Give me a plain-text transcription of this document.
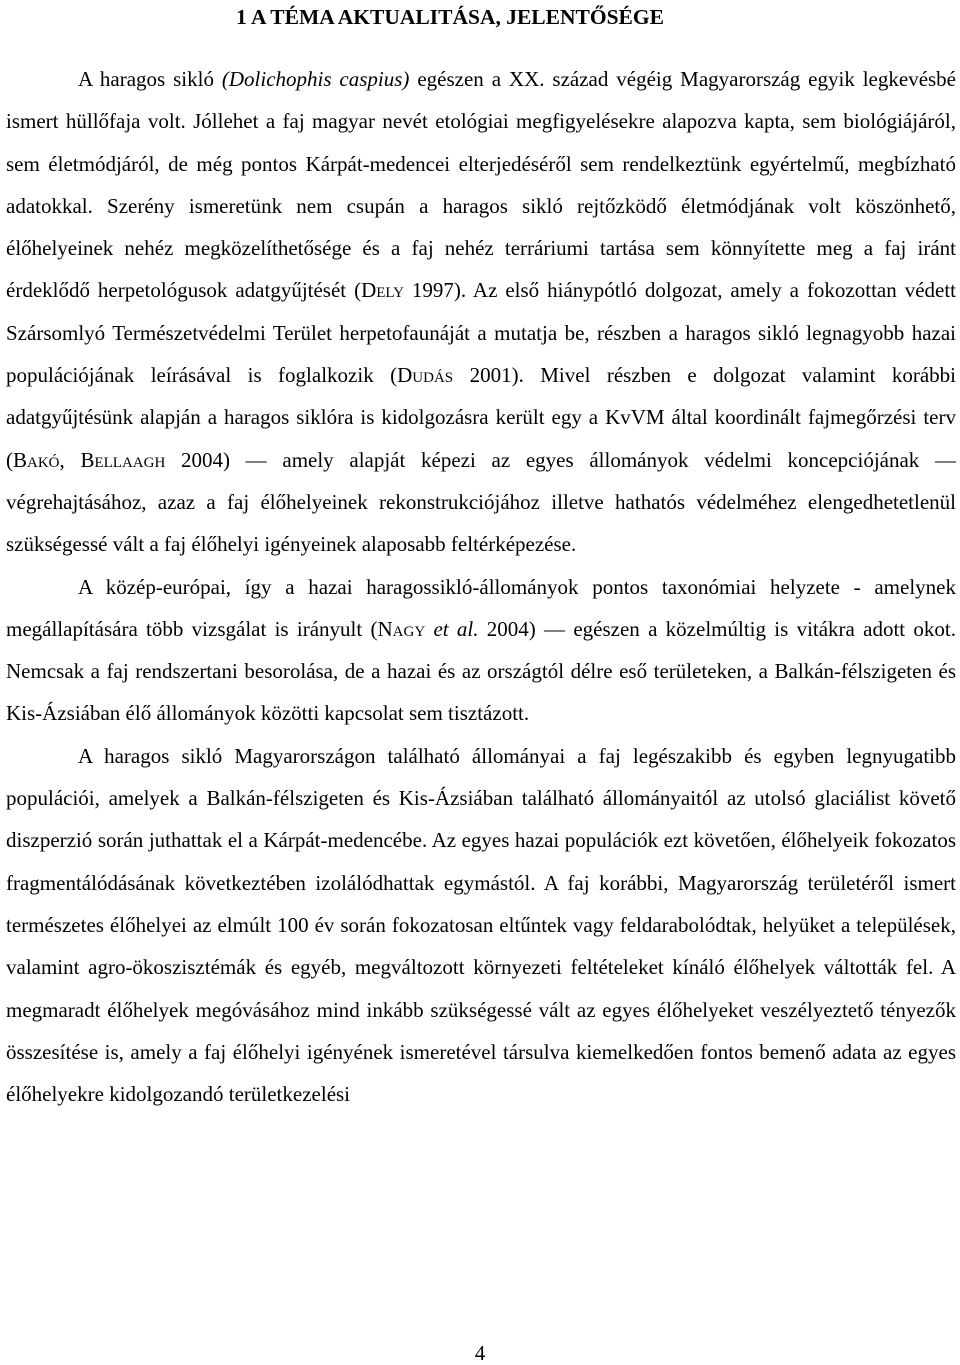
1 A TÉMA AKTUALITÁSA, JELENTŐSÉGE

A haragos sikló (Dolichophis caspius) egészen a XX. század végéig Magyarország egyik legkevésbé ismert hüllőfaja volt. Jóllehet a faj magyar nevét etológiai megfigyelésekre alapozva kapta, sem biológiájáról, sem életmódjáról, de még pontos Kárpát-medencei elterjedéséről sem rendelkeztünk egyértelmű, megbízható adatokkal. Szerény ismeretünk nem csupán a haragos sikló rejtőzködő életmódjának volt köszönhető, élőhelyeinek nehéz megközelíthetősége és a faj nehéz terráriumi tartása sem könnyítette meg a faj iránt érdeklődő herpetológusok adatgyűjtését (Dely 1997). Az első hiánypótló dolgozat, amely a fokozottan védett Szársomlyó Természetvédelmi Terület herpetofaunáját a mutatja be, részben a haragos sikló legnagyobb hazai populációjának leírásával is foglalkozik (Dudás 2001). Mivel részben e dolgozat valamint korábbi adatgyűjtésünk alapján a haragos siklóra is kidolgozásra került egy a KvVM által koordinált fajmegőrzési terv (Bakó, Bellaagh 2004) — amely alapját képezi az egyes állományok védelmi koncepciójának — végrehajtásához, azaz a faj élőhelyeinek rekonstrukciójához illetve hathatós védelméhez elengedhetetlenül szükségessé vált a faj élőhelyi igényeinek alaposabb feltérképezése.

A közép-európai, így a hazai haragossikló-állományok pontos taxonómiai helyzete - amelynek megállapítására több vizsgálat is irányult (Nagy et al. 2004) — egészen a közelmúltig is vitákra adott okot. Nemcsak a faj rendszertani besorolása, de a hazai és az országtól délre eső területeken, a Balkán-félszigeten és Kis-Ázsiában élő állományok közötti kapcsolat sem tisztázott.

A haragos sikló Magyarországon található állományai a faj legészakibb és egyben legnyugatibb populációi, amelyek a Balkán-félszigeten és Kis-Ázsiában található állományaitól az utolsó glaciálist követő diszperzió során juthattak el a Kárpát-medencébe. Az egyes hazai populációk ezt követően, élőhelyeik fokozatos fragmentálódásának következtében izolálódhattak egymástól. A faj korábbi, Magyarország területéről ismert természetes élőhelyei az elmúlt 100 év során fokozatosan eltűntek vagy feldarabolódtak, helyüket a települések, valamint agro-ökoszisztémák és egyéb, megváltozott környezeti feltételeket kínáló élőhelyek váltották fel. A megmaradt élőhelyek megóvásához mind inkább szükségessé vált az egyes élőhelyeket veszélyeztető tényezők összesítése is, amely a faj élőhelyi igényének ismeretével társulva kiemelkedően fontos bemenő adata az egyes élőhelyekre kidolgozandó területkezelési

4
